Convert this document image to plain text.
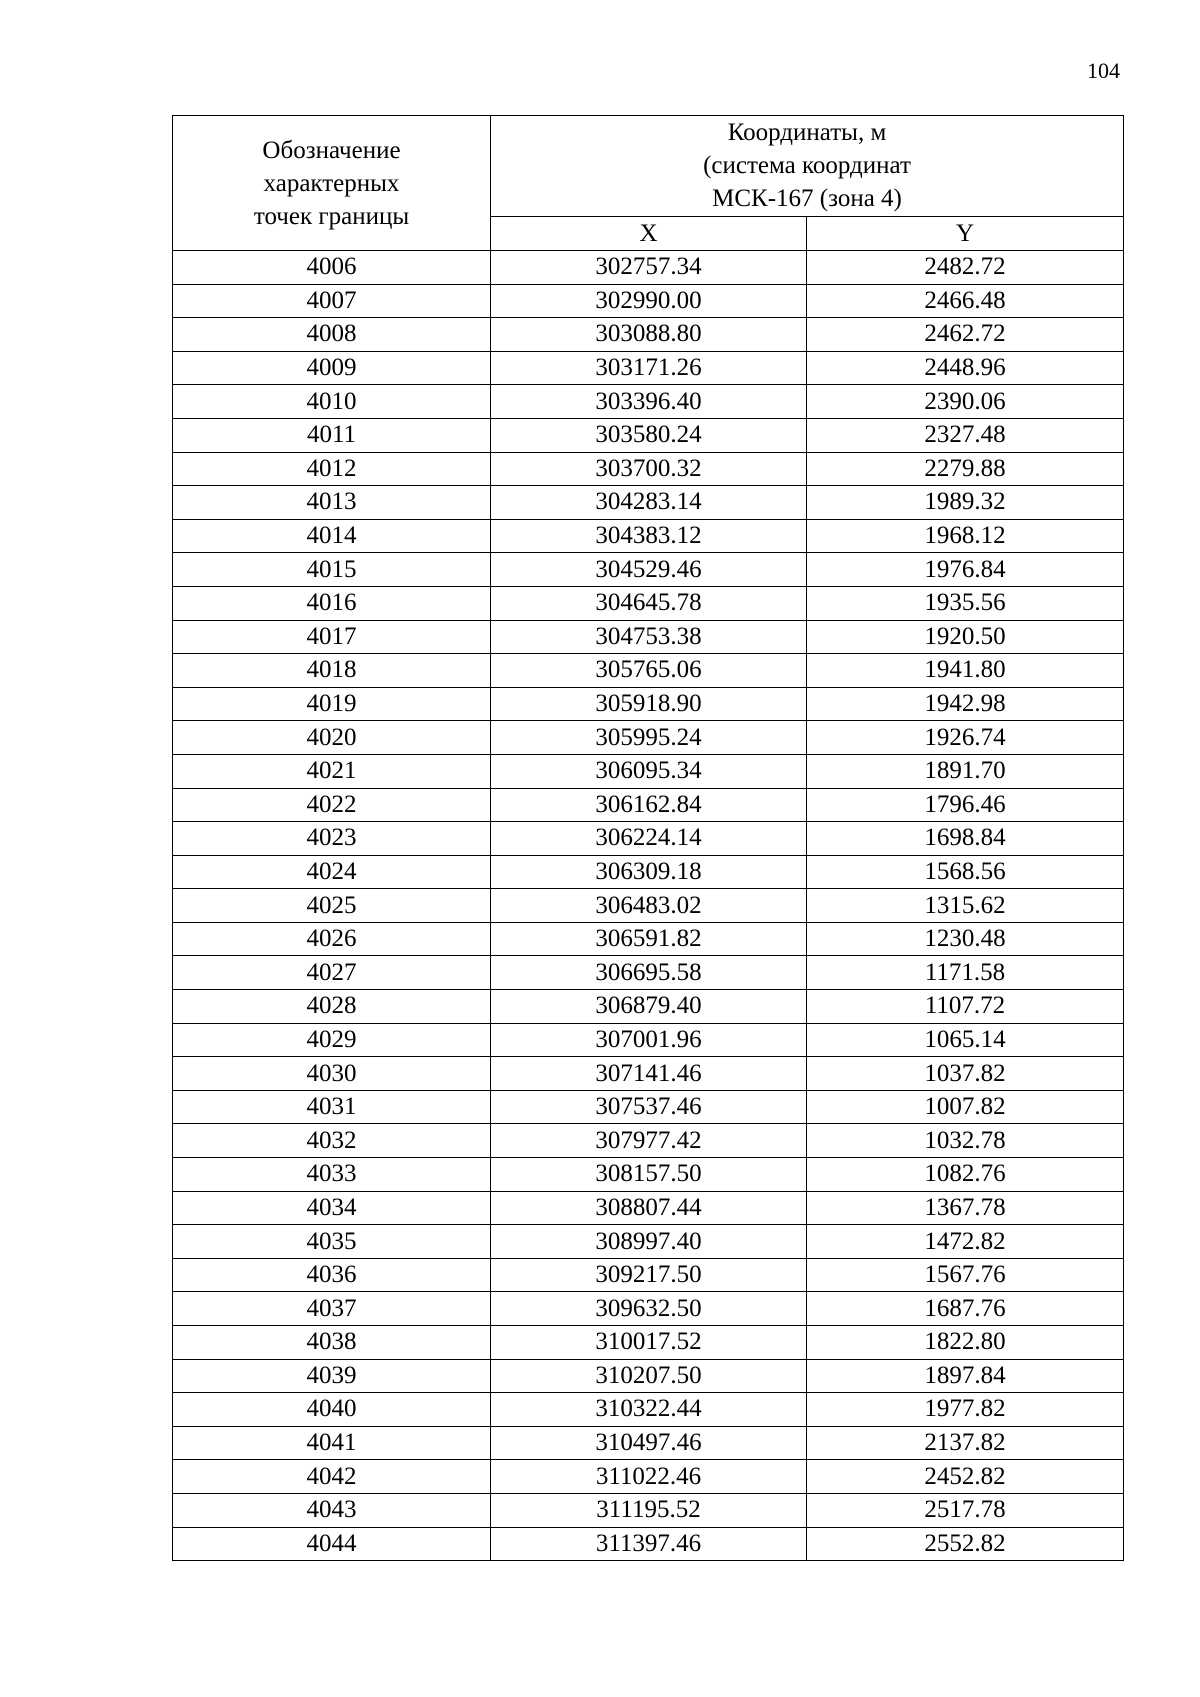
104
Обозначение
характерных
точек границы	Координаты, м
(система координат
МСК-167 (зона 4)	
	X	Y
4006	302757.34	2482.72
4007	302990.00	2466.48
4008	303088.80	2462.72
4009	303171.26	2448.96
4010	303396.40	2390.06
4011	303580.24	2327.48
4012	303700.32	2279.88
4013	304283.14	1989.32
4014	304383.12	1968.12
4015	304529.46	1976.84
4016	304645.78	1935.56
4017	304753.38	1920.50
4018	305765.06	1941.80
4019	305918.90	1942.98
4020	305995.24	1926.74
4021	306095.34	1891.70
4022	306162.84	1796.46
4023	306224.14	1698.84
4024	306309.18	1568.56
4025	306483.02	1315.62
4026	306591.82	1230.48
4027	306695.58	1171.58
4028	306879.40	1107.72
4029	307001.96	1065.14
4030	307141.46	1037.82
4031	307537.46	1007.82
4032	307977.42	1032.78
4033	308157.50	1082.76
4034	308807.44	1367.78
4035	308997.40	1472.82
4036	309217.50	1567.76
4037	309632.50	1687.76
4038	310017.52	1822.80
4039	310207.50	1897.84
4040	310322.44	1977.82
4041	310497.46	2137.82
4042	311022.46	2452.82
4043	311195.52	2517.78
4044	311397.46	2552.82
